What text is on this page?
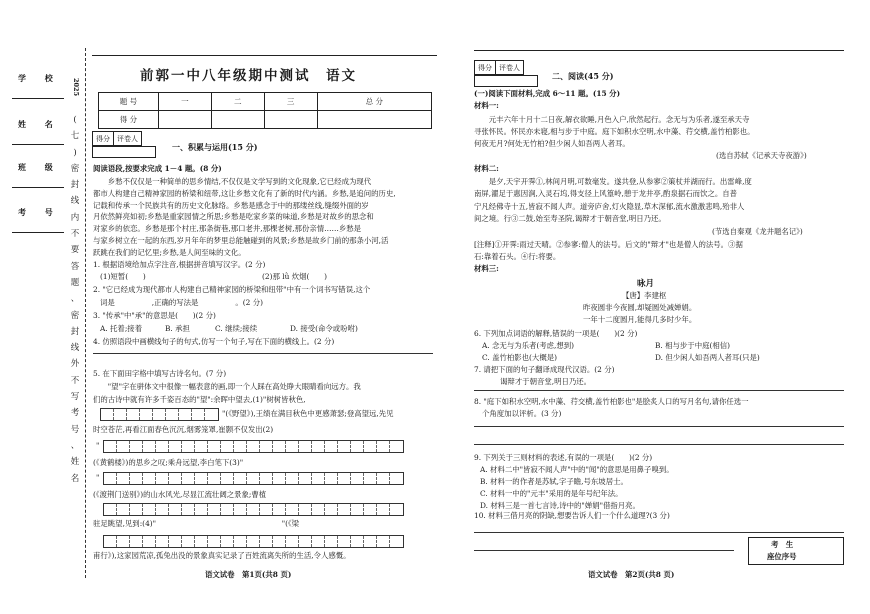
学 校
姓 名
班 级
考 号
2025
(
七
)
密
封
线
内
不
要
答
题
、
密
封
线
外
不
写
考
号
、
姓
名
前郭一中八年级期中测试　语文
题 号	一	二	三	总 分
得 分				
得分	评卷人
一、积累与运用(15 分)
阅读语段,按要求完成 1－4 题。(8 分)
　　乡愁不仅仅是一种简单的思乡情结,不仅仅是文学写到的文化现象,它已经成为现代
都市人构建自己精神家园的桥梁和纽带,这让乡愁文化有了新的时代内涵。乡愁,是追问的历史,
记载和传承一个民族共有的历史文化脉络。乡愁是感念于中的那缕丝线,缝缀外面的岁
月依然鲜亮如初;乡愁是重家园情之所思;乡愁是吃家乡菜的味道,乡愁是对故乡的思念和
对家乡的依恋。乡愁是那个村庄,那条街巷,那口老井,那棵老树,那份亲情……乡愁是
与家乡树立在一起的东西,岁月年年的梦里总能触碰到的风景;乡愁是故乡门前的那条小河,活
跃跳在我们的记忆里;乡愁,是人间至味的文化。
1. 根据语境给加点字注音,根据拼音填写汉字。(2 分)
(1)短暂(　　)	(2)那 lǜ 炊烟(　　)
2. "它已经成为现代都市人构建自己精神家园的桥梁和纽带"中有一个词书写错误,这个
词是　　　　　,正确的写法是　　　　　。(2 分)
3. "传承"中"承"的意思是(　　)(2 分)
A. 托着;接着	B. 承担	C. 继续;接续	D. 接受(命令或吩咐)
4. 仿照语段中画横线句子的句式,仿写一个句子,写在下面的横线上。(2 分)
5. 在下面田字格中填写古诗名句。(7 分)
　　"望"字在骈体文中很像一幅表意的画,即一个人踩在高处睁大眼睛看向远方。我
们的古诗中就有许多千姿百态的"望":余晖中望去,(1)"树树皆秋色,
"(《野望》),王绩在满目秋色中更感萧瑟;登高望远,先见
时空苍茫,再看江面春色沉沉,烟雾笼罩,崔颢不仅发出(2)
"
(《黄鹤楼》)的思乡之叹;乘舟远望,李白笔下(3)"
"
(《渡荆门送别》)的山水风光,尽显江流壮阔之景象;曹植
驻足眺望,见到:(4)"　　　　　　　　　　　　　　　　　"(《梁
甫行》),这家园荒凉,孤兔出没的景象真实记录了百姓流离失所的生活,令人感慨。
语文试卷　第1页(共8 页)
得分	评卷人
二、阅读(45 分)
(一)阅读下面材料,完成 6～11 题。(15 分)
材料一:
　　元丰六年十月十二日夜,解衣欲睡,月色入户,欣然起行。念无与为乐者,遂至承天寺
寻张怀民。怀民亦未寝,相与步于中庭。庭下如积水空明,水中藻、荇交横,盖竹柏影也。
何夜无月?何处无竹柏?但少闲人如吾两人者耳。
(选自苏轼《记承天寺夜游》)
材料二:
　　是夕,天宇开霁①,林间月明,可数毫发。遂共登,从参寥②策杖并湖而行。出雷峰,度
南屏,濯足于惠因涧,入灵石坞,得支径上风篁岭,憩于龙井亭,酌泉据石而饮之。自普
宁凡经佛寺十五,皆寂不闻人声。道旁庐舍,灯火隐显,草木深郁,流水激激悲鸣,殆非人
间之境。行③二鼓,始至寿圣院,谒辩才于朝音堂,明日乃还。
(节选自秦观《龙井题名记》)
[注释]①开霁:雨过天晴。②参寥:僧人的法号。后文的"辩才"也是僧人的法号。③据
石:靠着石头。④行:将要。
材料三:
咏月
【唐】李建枢
昨夜圆非今夜圆,却疑圆处减婵娟。
一年十二度圆月,能得几多时少年。
6. 下列加点词语的解释,错误的一项是(　　)(2 分)
A. 念无与为乐者(考虑,想到)	B. 相与步于中庭(相信)
C. 盖竹柏影也(大概是)	D. 但少闲人如吾两人者耳(只是)
7. 请把下面的句子翻译成现代汉语。(2 分)
谒辩才于朝音堂,明日乃还。
8. "庭下如积水空明,水中藻、荇交横,盖竹柏影也"是脍炙人口的写月名句,请你任选一
个角度加以评析。(3 分)
9. 下列关于三则材料的表述,有误的一项是(　　)(2 分)
A. 材料二中"皆寂不闻人声"中的"闻"的意思是用鼻子嗅到。
B. 材料一的作者是苏轼,字子瞻,号东坡居士。
C. 材料一中的"元丰"采用的是年号纪年法。
D. 材料三是一首七言诗,诗中的"婵娟"借指月亮。
10. 材料三借月亮的阴缺,想要告诉人们一个什么道理?(3 分)
考　生
座位序号
语文试卷　第2页(共8 页)
